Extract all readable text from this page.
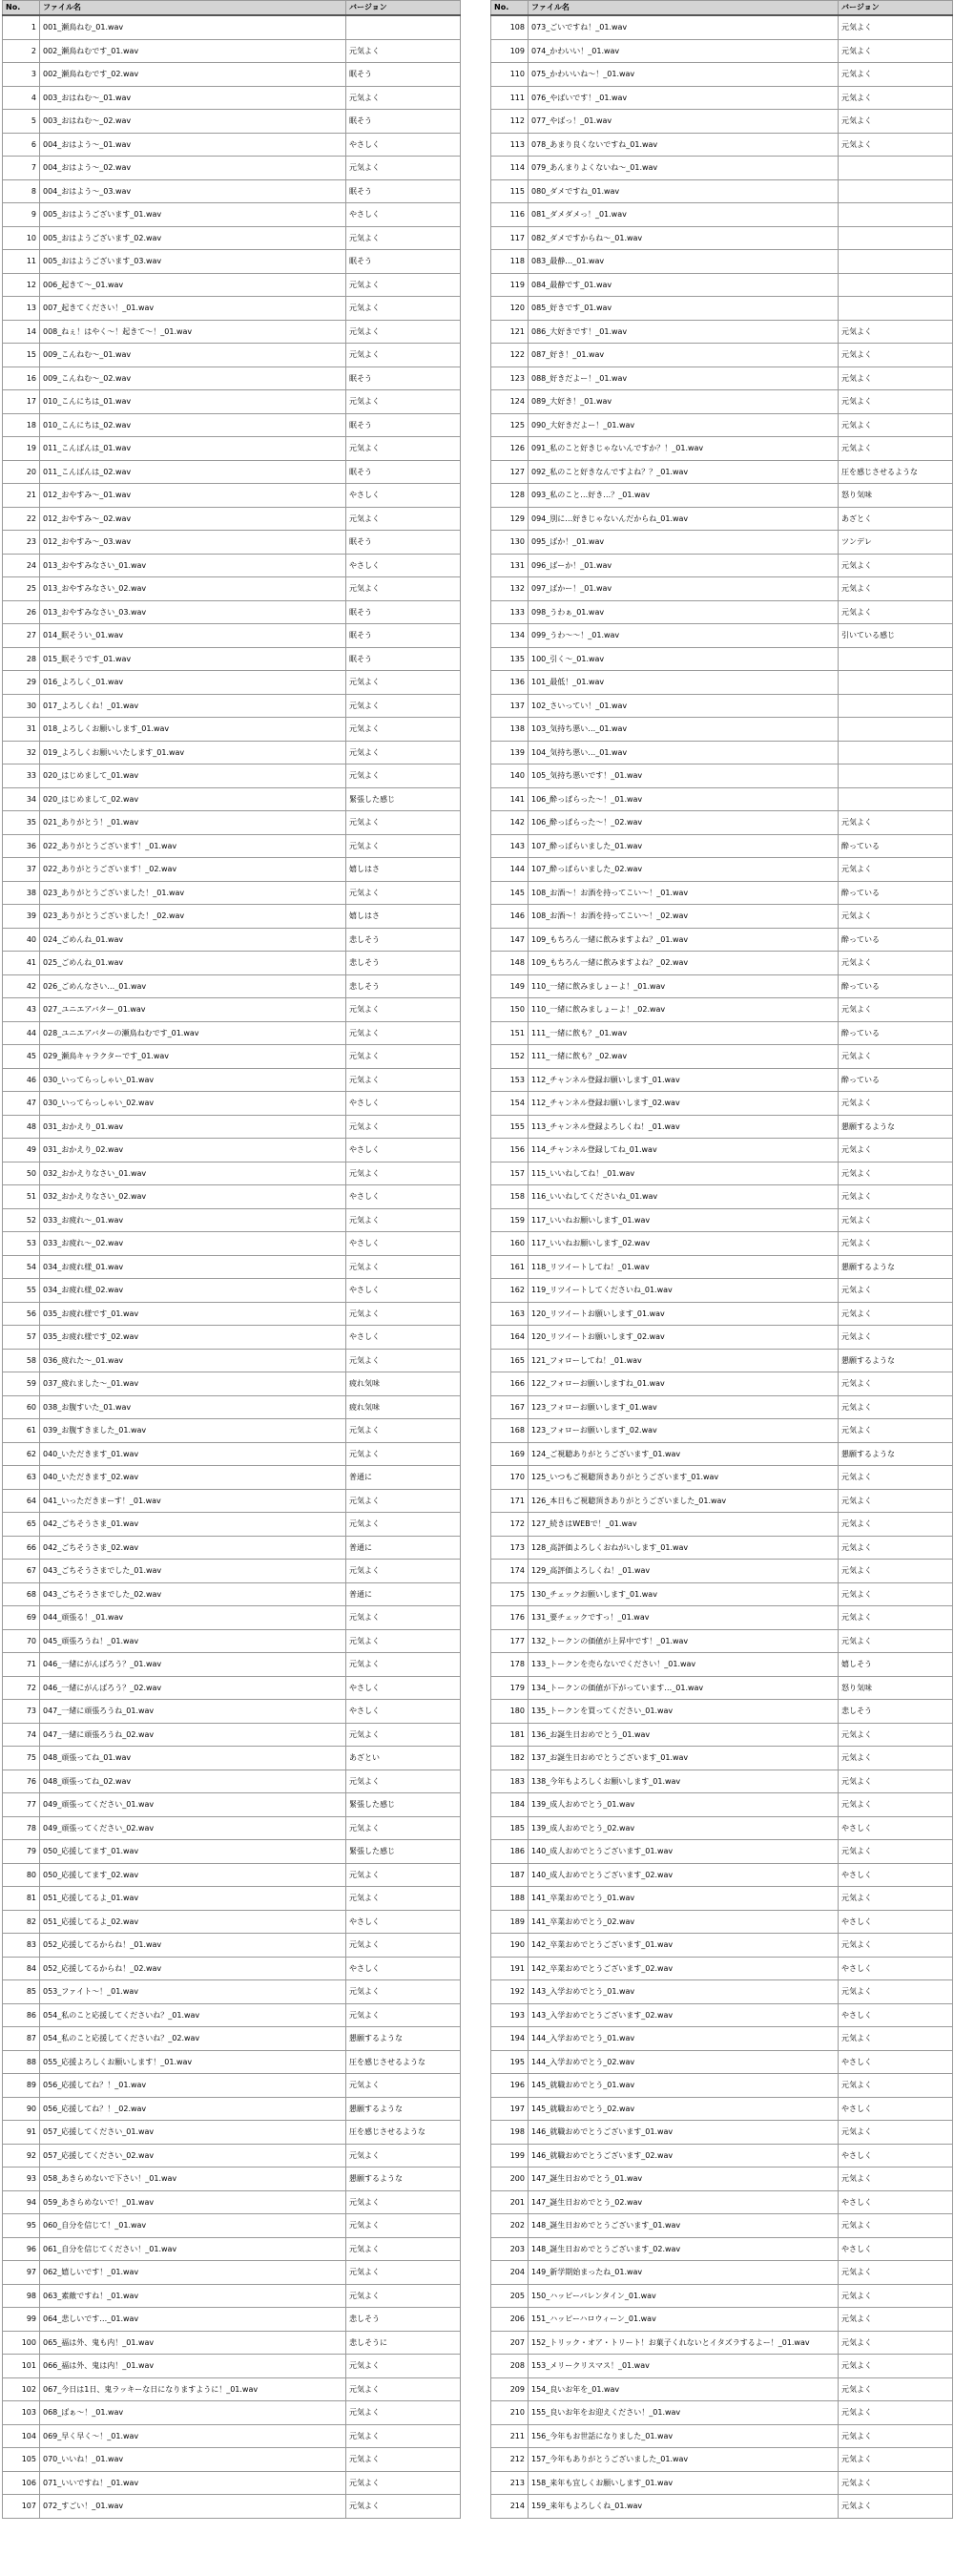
No.	ファイル名	バージョン
1	001_瀬鳥ねむ_01.wav	
2	002_瀬鳥ねむです_01.wav	元気よく
3	002_瀬鳥ねむです_02.wav	眠そう
4	003_おはねむ〜_01.wav	元気よく
5	003_おはねむ〜_02.wav	眠そう
6	004_おはよう〜_01.wav	やさしく
7	004_おはよう〜_02.wav	元気よく
8	004_おはよう〜_03.wav	眠そう
9	005_おはようございます_01.wav	やさしく
10	005_おはようございます_02.wav	元気よく
11	005_おはようございます_03.wav	眠そう
12	006_起きて〜_01.wav	元気よく
13	007_起きてください！_01.wav	元気よく
14	008_ねぇ！はやく〜！起きて〜！_01.wav	元気よく
15	009_こんねむ〜_01.wav	元気よく
16	009_こんねむ〜_02.wav	眠そう
17	010_こんにちは_01.wav	元気よく
18	010_こんにちは_02.wav	眠そう
19	011_こんばんは_01.wav	元気よく
20	011_こんばんは_02.wav	眠そう
21	012_おやすみ〜_01.wav	やさしく
22	012_おやすみ〜_02.wav	元気よく
23	012_おやすみ〜_03.wav	眠そう
24	013_おやすみなさい_01.wav	やさしく
25	013_おやすみなさい_02.wav	元気よく
26	013_おやすみなさい_03.wav	眠そう
27	014_眠そうい_01.wav	眠そう
28	015_眠そうです_01.wav	眠そう
29	016_よろしく_01.wav	元気よく
30	017_よろしくね！_01.wav	元気よく
31	018_よろしくお願いします_01.wav	元気よく
32	019_よろしくお願いいたします_01.wav	元気よく
33	020_はじめまして_01.wav	元気よく
34	020_はじめまして_02.wav	緊張した感じ
35	021_ありがとう！_01.wav	元気よく
36	022_ありがとうございます！_01.wav	元気よく
37	022_ありがとうございます！_02.wav	嬉しはさ
38	023_ありがとうございました！_01.wav	元気よく
39	023_ありがとうございました！_02.wav	嬉しはさ
40	024_ごめんね_01.wav	悲しそう
41	025_ごめんね_01.wav	悲しそう
42	026_ごめんなさい…_01.wav	悲しそう
43	027_ユニエアバター_01.wav	元気よく
44	028_ユニエアバターの瀬鳥ねむです_01.wav	元気よく
45	029_瀬鳥キャラクターです_01.wav	元気よく
46	030_いってらっしゃい_01.wav	元気よく
47	030_いってらっしゃい_02.wav	やさしく
48	031_おかえり_01.wav	元気よく
49	031_おかえり_02.wav	やさしく
50	032_おかえりなさい_01.wav	元気よく
51	032_おかえりなさい_02.wav	やさしく
52	033_お疲れ〜_01.wav	元気よく
53	033_お疲れ〜_02.wav	やさしく
54	034_お疲れ様_01.wav	元気よく
55	034_お疲れ様_02.wav	やさしく
56	035_お疲れ様です_01.wav	元気よく
57	035_お疲れ様です_02.wav	やさしく
58	036_疲れた〜_01.wav	元気よく
59	037_疲れました〜_01.wav	疲れ気味
60	038_お腹すいた_01.wav	疲れ気味
61	039_お腹すきました_01.wav	元気よく
62	040_いただきます_01.wav	元気よく
63	040_いただきます_02.wav	普通に
64	041_いっただきまーす！_01.wav	元気よく
65	042_ごちそうさま_01.wav	元気よく
66	042_ごちそうさま_02.wav	普通に
67	043_ごちそうさまでした_01.wav	元気よく
68	043_ごちそうさまでした_02.wav	普通に
69	044_頑張る！_01.wav	元気よく
70	045_頑張ろうね！_01.wav	元気よく
71	046_一緒にがんばろう？_01.wav	元気よく
72	046_一緒にがんばろう？_02.wav	やさしく
73	047_一緒に頑張ろうね_01.wav	やさしく
74	047_一緒に頑張ろうね_02.wav	元気よく
75	048_頑張ってね_01.wav	あざとい
76	048_頑張ってね_02.wav	元気よく
77	049_頑張ってください_01.wav	緊張した感じ
78	049_頑張ってください_02.wav	元気よく
79	050_応援してます_01.wav	緊張した感じ
80	050_応援してます_02.wav	元気よく
81	051_応援してるよ_01.wav	元気よく
82	051_応援してるよ_02.wav	やさしく
83	052_応援してるからね！_01.wav	元気よく
84	052_応援してるからね！_02.wav	やさしく
85	053_ファイト〜！_01.wav	元気よく
86	054_私のこと応援してくださいね？_01.wav	元気よく
87	054_私のこと応援してくださいね？_02.wav	懇願するような
88	055_応援よろしくお願いします！_01.wav	圧を感じさせるような
89	056_応援してね？！_01.wav	元気よく
90	056_応援してね？！_02.wav	懇願するような
91	057_応援してください_01.wav	圧を感じさせるような
92	057_応援してください_02.wav	元気よく
93	058_あきらめないで下さい！_01.wav	懇願するような
94	059_あきらめないで！_01.wav	元気よく
95	060_自分を信じて！_01.wav	元気よく
96	061_自分を信じてください！_01.wav	元気よく
97	062_嬉しいです！_01.wav	元気よく
98	063_素敵ですね！_01.wav	元気よく
99	064_悲しいです…_01.wav	悲しそう
100	065_福は外、鬼も内！_01.wav	悲しそうに
101	066_福は外、鬼は内！_01.wav	元気よく
102	067_今日は1日、鬼ラッキーな日になりますように！_01.wav	元気よく
103	068_ばぁ〜！_01.wav	元気よく
104	069_早く早く〜！_01.wav	元気よく
105	070_いいね！_01.wav	元気よく
106	071_いいですね！_01.wav	元気よく
107	072_すごい！_01.wav	元気よく
No.	ファイル名	バージョン
108	073_ごいですね！_01.wav	元気よく
109	074_かわいい！_01.wav	元気よく
110	075_かわいいね〜！_01.wav	元気よく
111	076_やばいです！_01.wav	元気よく
112	077_やばっ！_01.wav	元気よく
113	078_あまり良くないですね_01.wav	元気よく
114	079_あんまりよくないね〜_01.wav	
115	080_ダメですね_01.wav	
116	081_ダメダメっ！_01.wav	
117	082_ダメですからね〜_01.wav	
118	083_最静…_01.wav	
119	084_最静です_01.wav	
120	085_好きです_01.wav	
121	086_大好きです！_01.wav	元気よく
122	087_好き！_01.wav	元気よく
123	088_好きだよー！_01.wav	元気よく
124	089_大好き！_01.wav	元気よく
125	090_大好きだよー！_01.wav	元気よく
126	091_私のこと好きじゃないんですか？！_01.wav	元気よく
127	092_私のこと好きなんですよね？？_01.wav	圧を感じさせるような
128	093_私のこと…好き…？_01.wav	怒り気味
129	094_別に…好きじゃないんだからね_01.wav	あざとく
130	095_ばか！_01.wav	ツンデレ
131	096_ばーか！_01.wav	元気よく
132	097_ばかー！_01.wav	元気よく
133	098_うわぁ_01.wav	元気よく
134	099_うわ〜〜！_01.wav	引いている感じ
135	100_引く〜_01.wav	
136	101_最低！_01.wav	
137	102_さいってい！_01.wav	
138	103_気持ち悪い…_01.wav	
139	104_気持ち悪い…_01.wav	
140	105_気持ち悪いです！_01.wav	
141	106_酔っぱらった〜！_01.wav	
142	106_酔っぱらった〜！_02.wav	元気よく
143	107_酔っぱらいました_01.wav	酔っている
144	107_酔っぱらいました_02.wav	元気よく
145	108_お酒〜！お酒を持ってこい〜！_01.wav	酔っている
146	108_お酒〜！お酒を持ってこい〜！_02.wav	元気よく
147	109_もちろん一緒に飲みますよね？_01.wav	酔っている
148	109_もちろん一緒に飲みますよね？_02.wav	元気よく
149	110_一緒に飲みましょーよ！_01.wav	酔っている
150	110_一緒に飲みましょーよ！_02.wav	元気よく
151	111_一緒に飲も？_01.wav	酔っている
152	111_一緒に飲も？_02.wav	元気よく
153	112_チャンネル登録お願いします_01.wav	酔っている
154	112_チャンネル登録お願いします_02.wav	元気よく
155	113_チャンネル登録よろしくね！_01.wav	懇願するような
156	114_チャンネル登録してね_01.wav	元気よく
157	115_いいねしてね！_01.wav	元気よく
158	116_いいねしてくださいね_01.wav	元気よく
159	117_いいねお願いします_01.wav	元気よく
160	117_いいねお願いします_02.wav	元気よく
161	118_リツイートしてね！_01.wav	懇願するような
162	119_リツイートしてくださいね_01.wav	元気よく
163	120_リツイートお願いします_01.wav	元気よく
164	120_リツイートお願いします_02.wav	元気よく
165	121_フォローしてね！_01.wav	懇願するような
166	122_フォローお願いしますね_01.wav	元気よく
167	123_フォローお願いします_01.wav	元気よく
168	123_フォローお願いします_02.wav	元気よく
169	124_ご視聴ありがとうございます_01.wav	懇願するような
170	125_いつもご視聴頂きありがとうございます_01.wav	元気よく
171	126_本日もご視聴頂きありがとうございました_01.wav	元気よく
172	127_続きはWEBで！_01.wav	元気よく
173	128_高評価よろしくおねがいします_01.wav	元気よく
174	129_高評価よろしくね！_01.wav	元気よく
175	130_チェックお願いします_01.wav	元気よく
176	131_要チェックですっ！_01.wav	元気よく
177	132_トークンの価値が上昇中です！_01.wav	元気よく
178	133_トークンを売らないでください！_01.wav	嬉しそう
179	134_トークンの価値が下がっています…_01.wav	怒り気味
180	135_トークンを買ってください_01.wav	悲しそう
181	136_お誕生日おめでとう_01.wav	元気よく
182	137_お誕生日おめでとうございます_01.wav	元気よく
183	138_今年もよろしくお願いします_01.wav	元気よく
184	139_成人おめでとう_01.wav	元気よく
185	139_成人おめでとう_02.wav	やさしく
186	140_成人おめでとうございます_01.wav	元気よく
187	140_成人おめでとうございます_02.wav	やさしく
188	141_卒業おめでとう_01.wav	元気よく
189	141_卒業おめでとう_02.wav	やさしく
190	142_卒業おめでとうございます_01.wav	元気よく
191	142_卒業おめでとうございます_02.wav	やさしく
192	143_入学おめでとう_01.wav	元気よく
193	143_入学おめでとうございます_02.wav	やさしく
194	144_入学おめでとう_01.wav	元気よく
195	144_入学おめでとう_02.wav	やさしく
196	145_就職おめでとう_01.wav	元気よく
197	145_就職おめでとう_02.wav	やさしく
198	146_就職おめでとうございます_01.wav	元気よく
199	146_就職おめでとうございます_02.wav	やさしく
200	147_誕生日おめでとう_01.wav	元気よく
201	147_誕生日おめでとう_02.wav	やさしく
202	148_誕生日おめでとうございます_01.wav	元気よく
203	148_誕生日おめでとうございます_02.wav	やさしく
204	149_新学期始まったね_01.wav	元気よく
205	150_ハッピーバレンタイン_01.wav	元気よく
206	151_ハッピーハロウィーン_01.wav	元気よく
207	152_トリック・オア・トリート！お菓子くれないとイタズラするよー！_01.wav	元気よく
208	153_メリークリスマス！_01.wav	元気よく
209	154_良いお年を_01.wav	元気よく
210	155_良いお年をお迎えください！_01.wav	元気よく
211	156_今年もお世話になりました_01.wav	元気よく
212	157_今年もありがとうございました_01.wav	元気よく
213	158_来年も宜しくお願いします_01.wav	元気よく
214	159_来年もよろしくね_01.wav	元気よく
